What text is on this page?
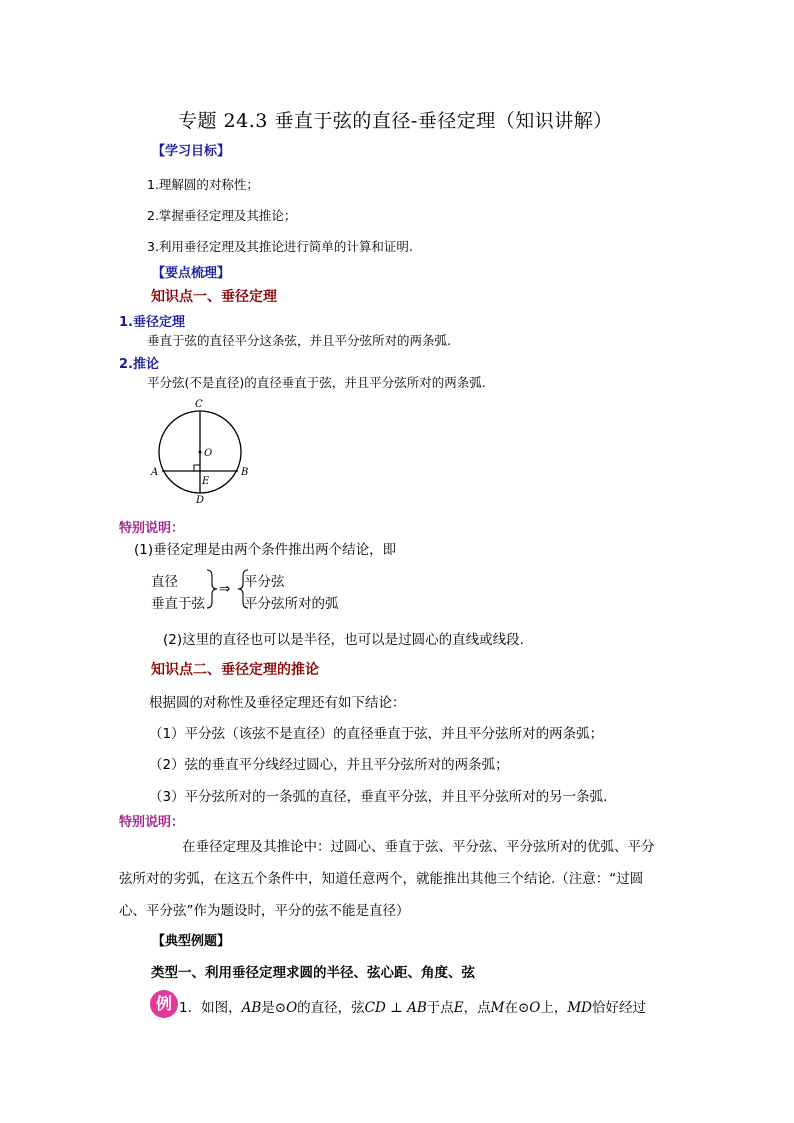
专题 24.3 垂直于弦的直径-垂径定理（知识讲解）
【学习目标】
1.理解圆的对称性；
2.掌握垂径定理及其推论；
3.利用垂径定理及其推论进行简单的计算和证明.
【要点梳理】
知识点一、垂径定理
1.垂径定理
垂直于弦的直径平分这条弦，并且平分弦所对的两条弧.
2.推论
平分弦(不是直径)的直径垂直于弦，并且平分弦所对的两条弧.
C
O
A	B
E
D
特别说明：
(1)垂径定理是由两个条件推出两个结论，即
直径
垂直于弦
⇒ 平分弦
平分弦所对的弧
(2)这里的直径也可以是半径，也可以是过圆心的直线或线段.
知识点二、垂径定理的推论
根据圆的对称性及垂径定理还有如下结论：
（1）平分弦（该弦不是直径）的直径垂直于弦，并且平分弦所对的两条弧；
（2）弦的垂直平分线经过圆心，并且平分弦所对的两条弧；
（3）平分弦所对的一条弧的直径，垂直平分弦，并且平分弦所对的另一条弧.
特别说明：
在垂径定理及其推论中：过圆心、垂直于弦、平分弦、平分弦所对的优弧、平分
弦所对的劣弧，在这五个条件中，知道任意两个，就能推出其他三个结论.（注意：“过圆
心、平分弦”作为题设时，平分的弦不能是直径）
【典型例题】
类型一、利用垂径定理求圆的半径、弦心距、角度、弦
例 1．如图，AB是⊙O的直径，弦CD ⊥ AB于点E，点M在⊙O上，MD恰好经过
